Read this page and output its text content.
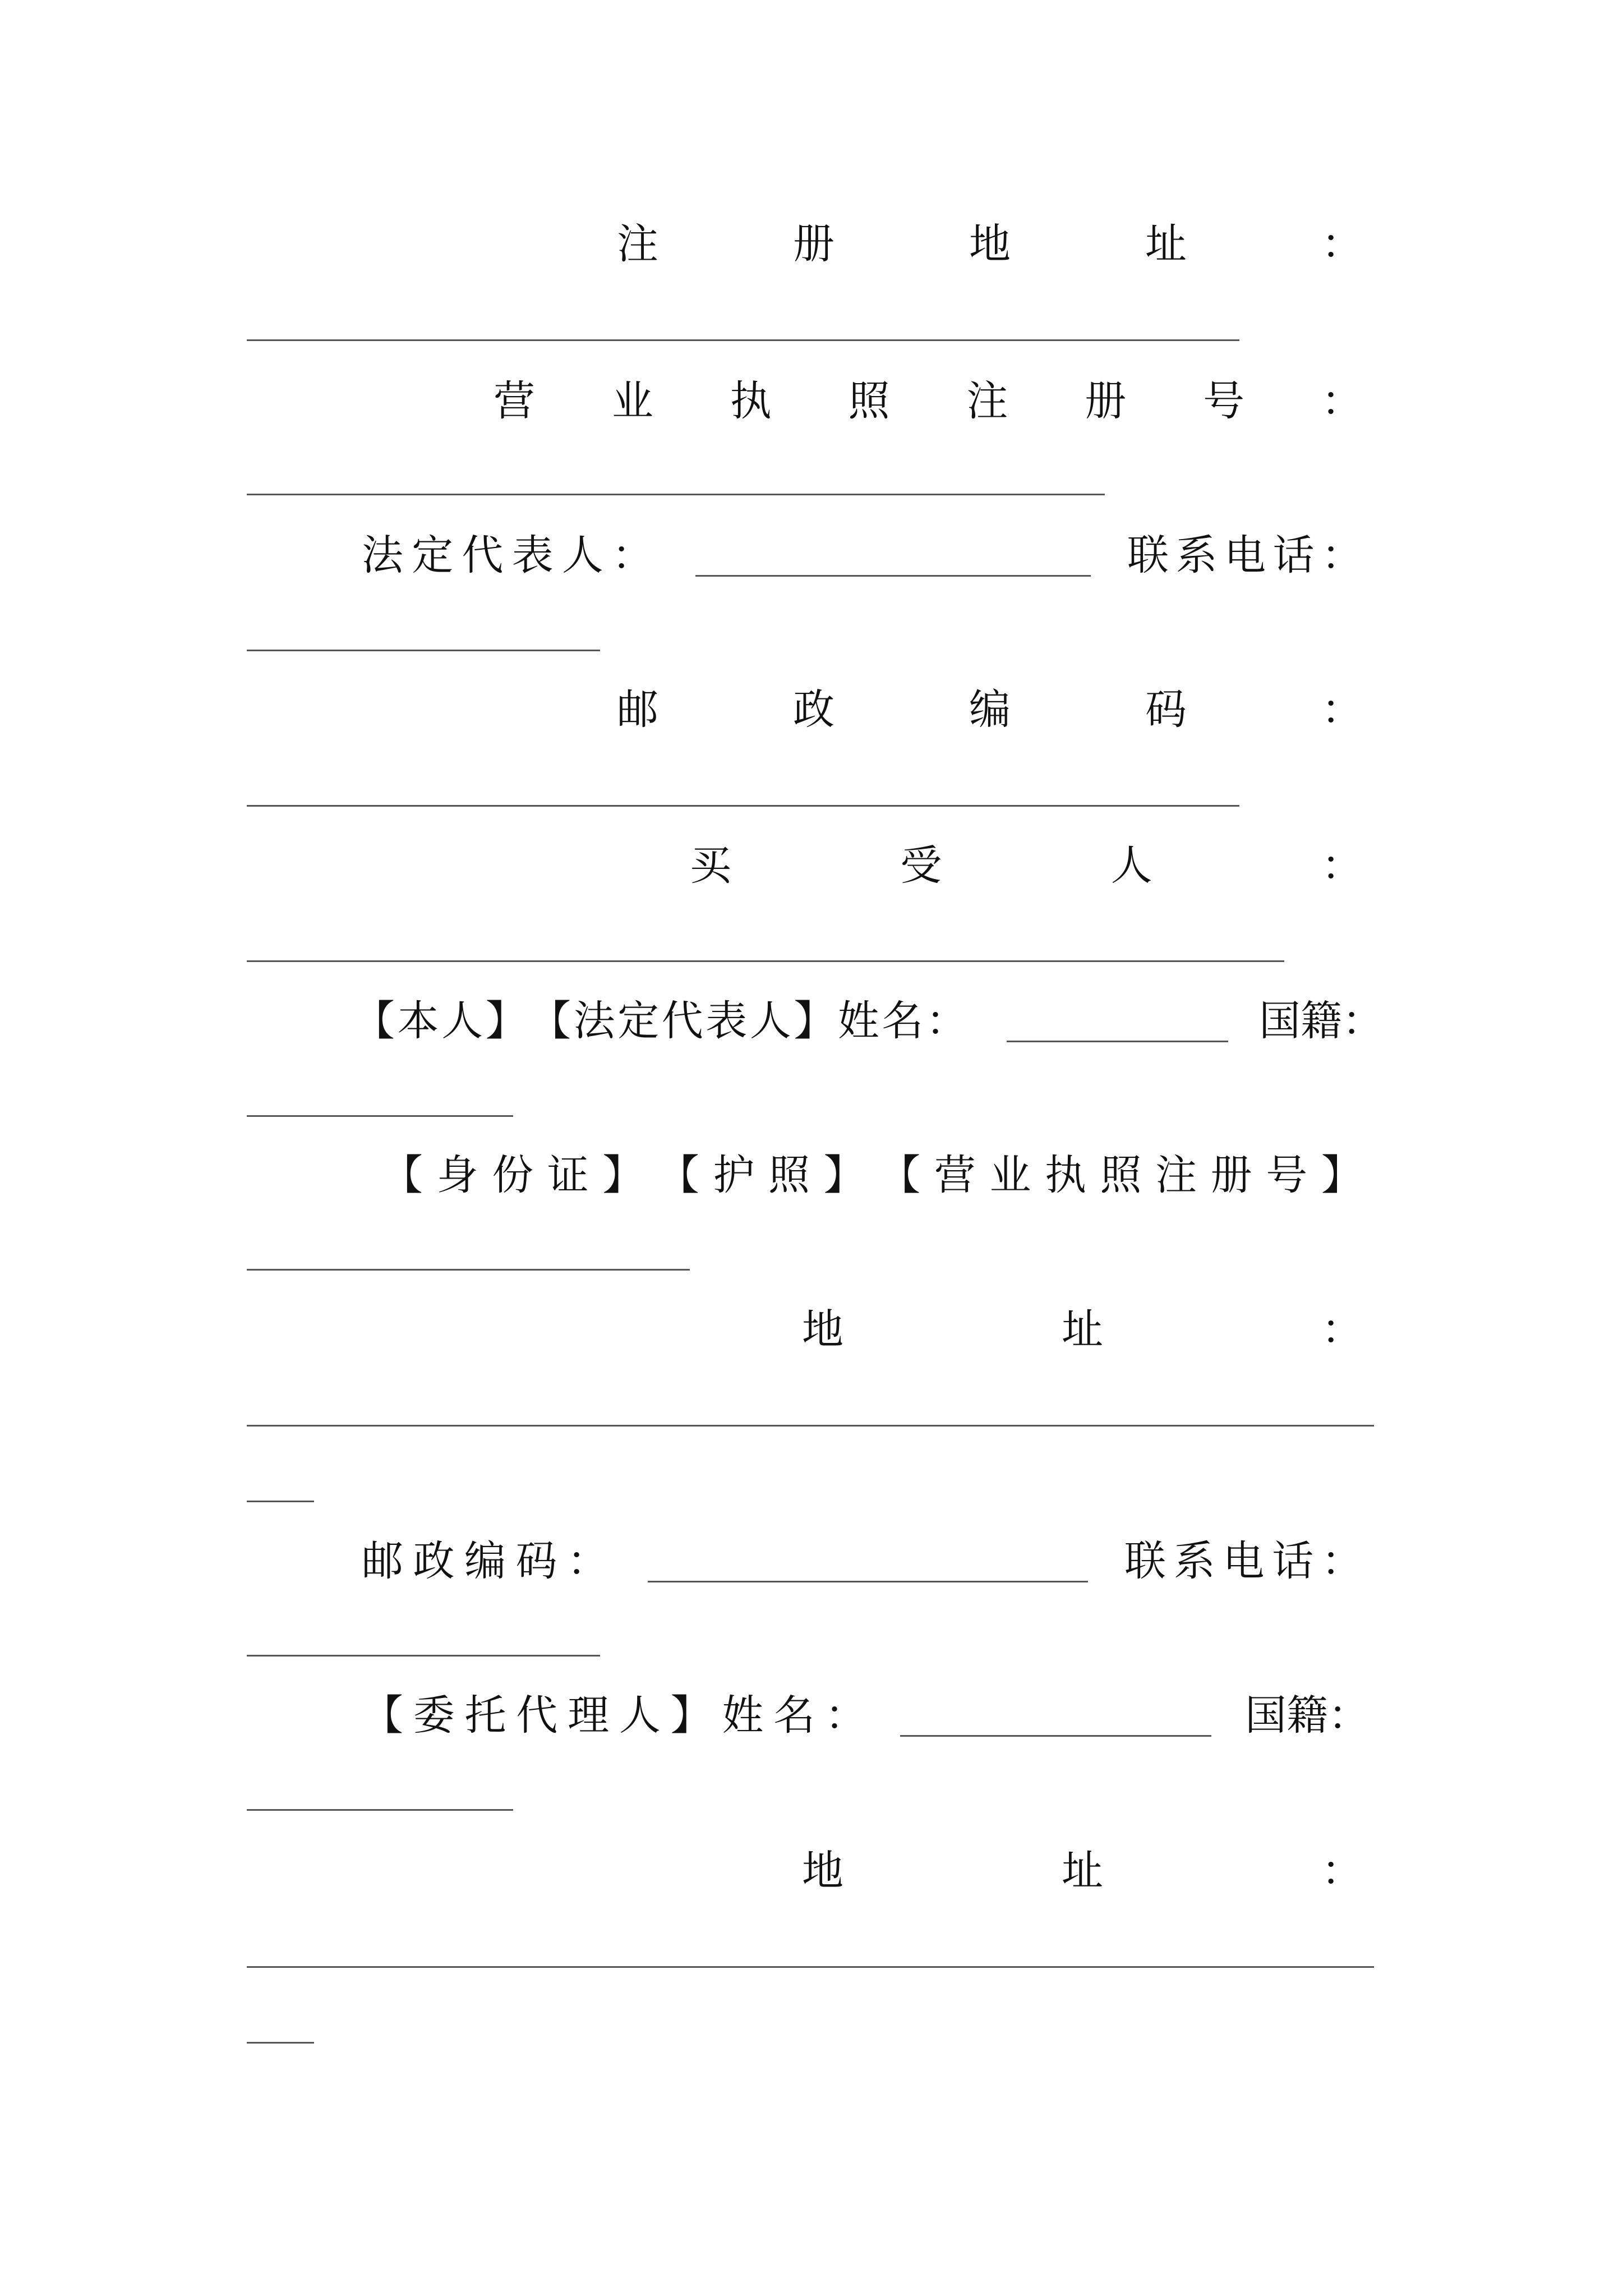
注	册	地	址	：
营 业 执 照 注 册 号 ：
法 定 代 表 人 ：	联 系 电 话 ：
邮	政	编	码	：
买	受	人	：
【 本 人 】 【 法 定 代 表 人 】 姓 名 ：	国 籍 ：
【 身 份 证 】 【 护 照 】 【 营 业 执 照 注 册 号 】
地	址	：
邮 政 编 码 ：	联 系 电 话 ：
【 委 托 代 理 人 】 姓 名 ：	国 籍 ：
地	址	：
